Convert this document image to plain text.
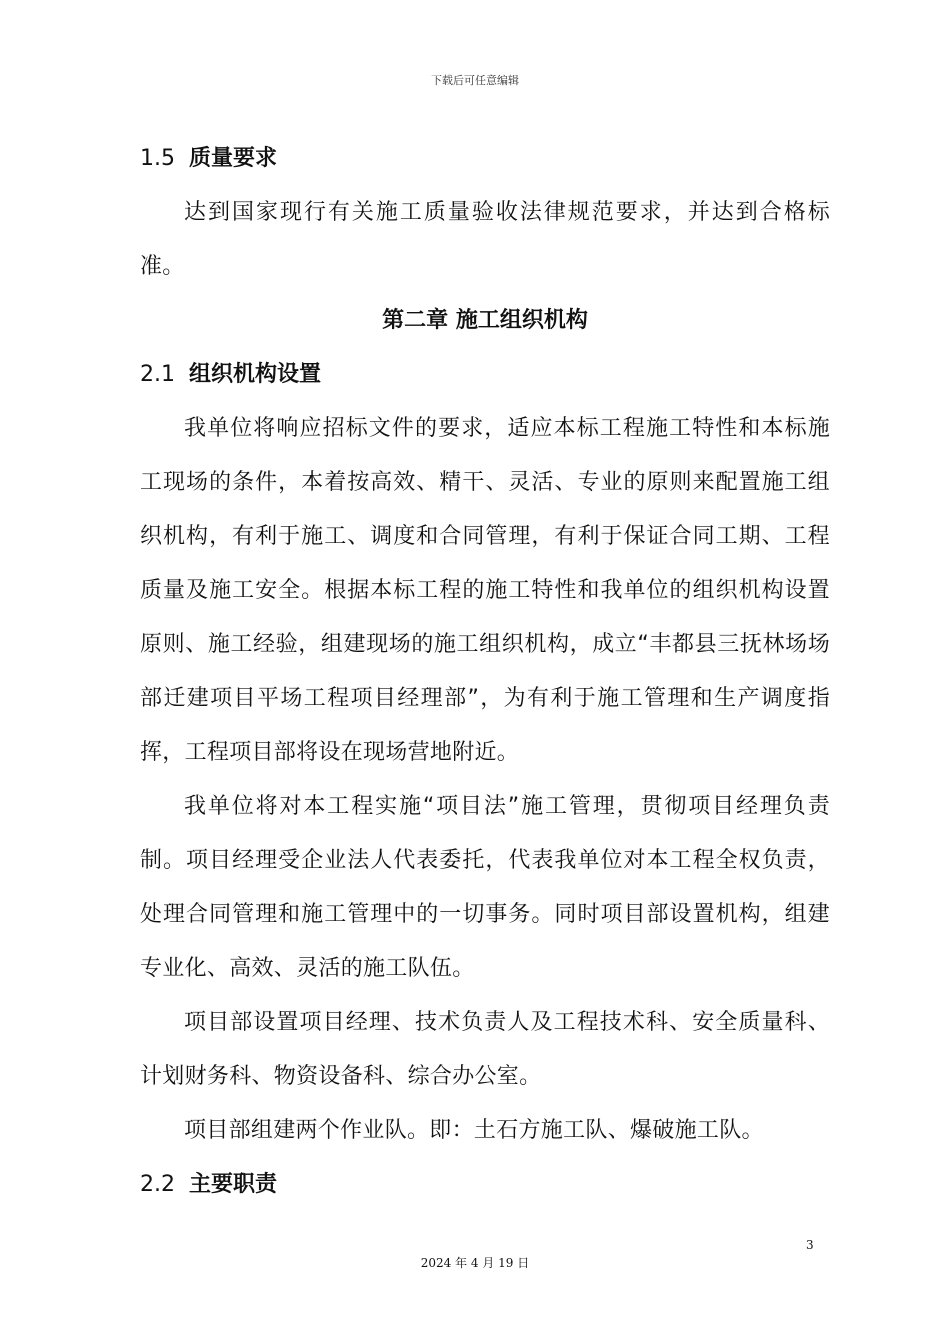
下载后可任意编辑
1.5 质量要求

达到国家现行有关施工质量验收法律规范要求，并达到合格标准。

第二章 施工组织机构
2.1 组织机构设置

我单位将响应招标文件的要求，适应本标工程施工特性和本标施工现场的条件，本着按高效、精干、灵活、专业的原则来配置施工组织机构，有利于施工、调度和合同管理，有利于保证合同工期、工程质量及施工安全。根据本标工程的施工特性和我单位的组织机构设置原则、施工经验，组建现场的施工组织机构，成立“丰都县三抚林场场部迁建项目平场工程项目经理部”，为有利于施工管理和生产调度指挥，工程项目部将设在现场营地附近。

我单位将对本工程实施“项目法”施工管理，贯彻项目经理负责制。项目经理受企业法人代表委托，代表我单位对本工程全权负责，处理合同管理和施工管理中的一切事务。同时项目部设置机构，组建专业化、高效、灵活的施工队伍。

项目部设置项目经理、技术负责人及工程技术科、安全质量科、计划财务科、物资设备科、综合办公室。

项目部组建两个作业队。即：土石方施工队、爆破施工队。

2.2 主要职责
3
2024 年 4 月 19 日
